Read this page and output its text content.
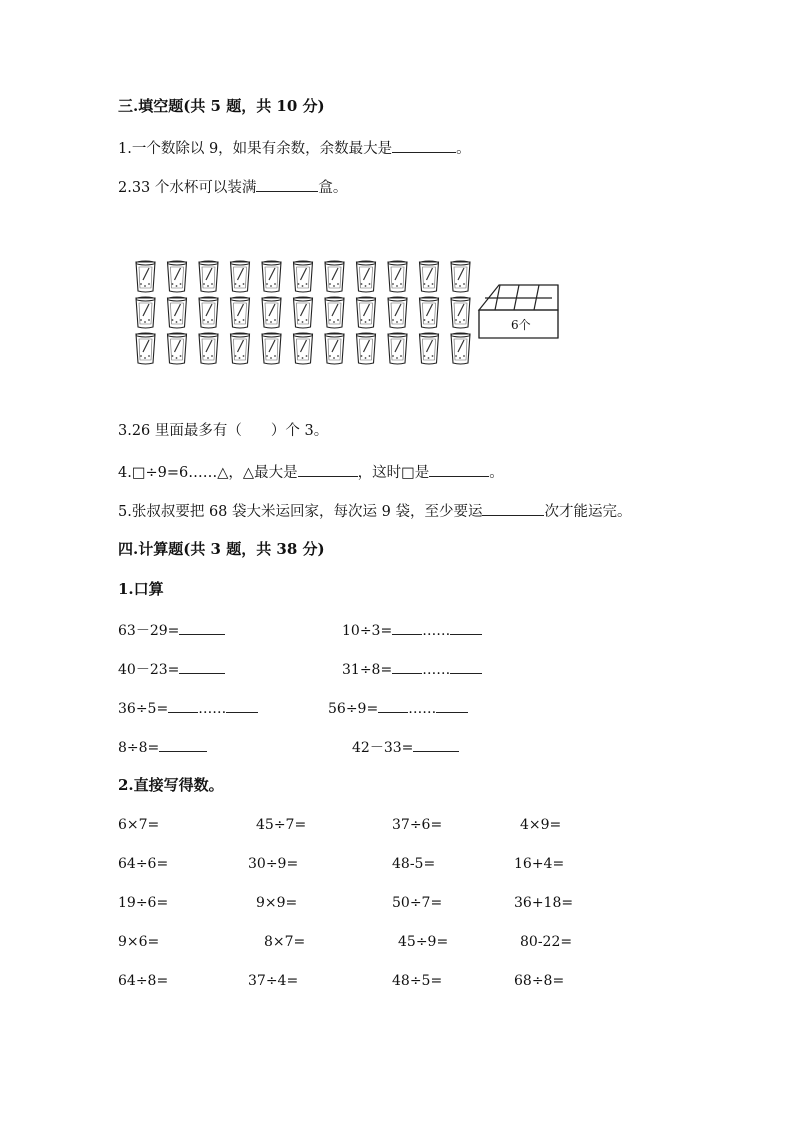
三.填空题(共 5 题，共 10 分)
1.一个数除以 9，如果有余数，余数最大是	。
2.33 个水杯可以装满	盒。
6个
3.26 里面最多有（　　）个 3。
4.□÷9=6……△，△最大是	，这时□是	。
5.张叔叔要把 68 袋大米运回家，每次运 9 袋，至少要运	次才能运完。
四.计算题(共 3 题，共 38 分)
1.口算
63－29=	10÷3= ……
40－23=	31÷8= ……
36÷5= ……	56÷9= ……
8÷8=	42－33=
2.直接写得数。
6×7=	45÷7=	37÷6=	4×9=
64÷6=	30÷9=	48-5=	16+4=
19÷6=	9×9=	50÷7=	36+18=
9×6=	8×7=	45÷9=	80-22=
64÷8=	37÷4=	48÷5=	68÷8=
